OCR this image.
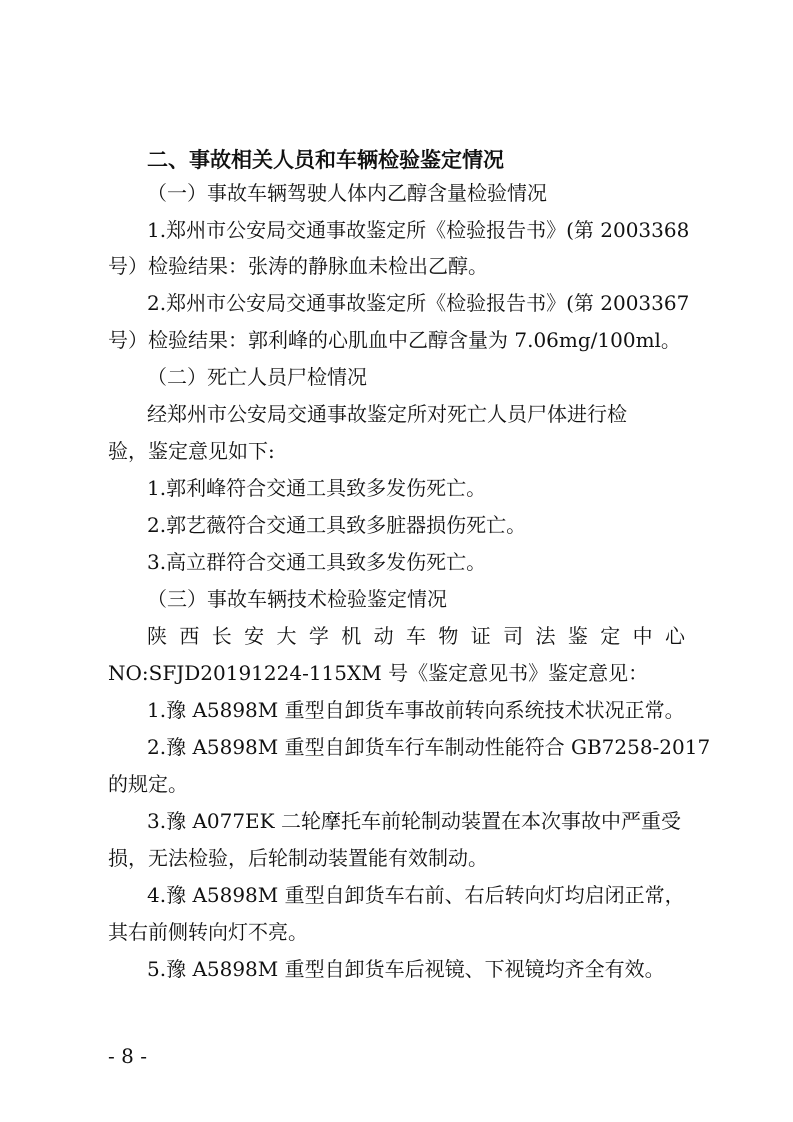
二、事故相关人员和车辆检验鉴定情况
（一）事故车辆驾驶人体内乙醇含量检验情况
1.郑州市公安局交通事故鉴定所《检验报告书》(第 2003368
号）检验结果：张涛的静脉血未检出乙醇。
2.郑州市公安局交通事故鉴定所《检验报告书》(第 2003367
号）检验结果：郭利峰的心肌血中乙醇含量为 7.06mg/100ml。
（二）死亡人员尸检情况
经郑州市公安局交通事故鉴定所对死亡人员尸体进行检
验，鉴定意见如下:
1.郭利峰符合交通工具致多发伤死亡。
2.郭艺薇符合交通工具致多脏器损伤死亡。
3.高立群符合交通工具致多发伤死亡。
（三）事故车辆技术检验鉴定情况
陕 西 长 安 大 学 机 动 车 物 证 司 法 鉴 定 中 心
NO:SFJD20191224-115XM 号《鉴定意见书》鉴定意见：
1.豫 A5898M 重型自卸货车事故前转向系统技术状况正常。
2.豫 A5898M 重型自卸货车行车制动性能符合 GB7258-2017
的规定。
3.豫 A077EK 二轮摩托车前轮制动装置在本次事故中严重受
损，无法检验，后轮制动装置能有效制动。
4.豫 A5898M 重型自卸货车右前、右后转向灯均启闭正常，
其右前侧转向灯不亮。
5.豫 A5898M 重型自卸货车后视镜、下视镜均齐全有效。
- 8 -
